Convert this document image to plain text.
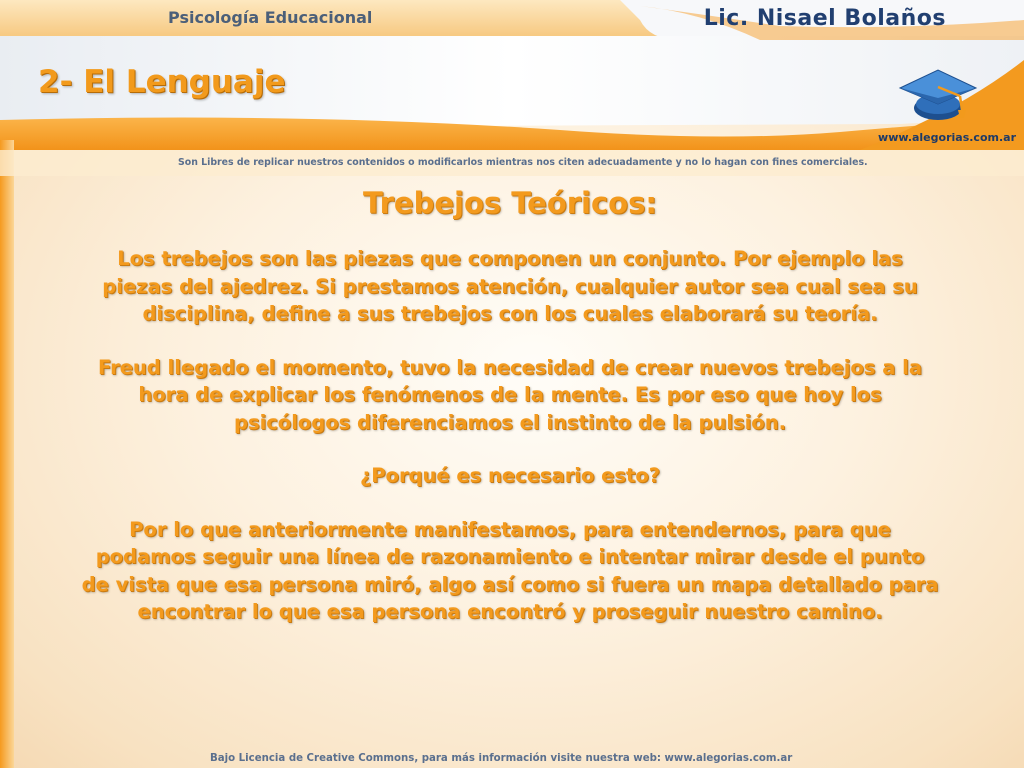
Psicología Educacional	Lic. Nisael Bolaños
2- El Lenguaje
www.alegorias.com.ar
Son Libres de replicar nuestros contenidos o modificarlos mientras nos citen adecuadamente y no lo hagan con fines comerciales.
Trebejos Teóricos:
Los trebejos son las piezas que componen un conjunto. Por ejemplo las piezas del ajedrez. Si prestamos atención, cualquier autor sea cual sea su disciplina, define a sus trebejos con los cuales elaborará su teoría.
Freud llegado el momento, tuvo la necesidad de crear nuevos trebejos a la hora de explicar los fenómenos de la mente. Es por eso que hoy los psicólogos diferenciamos el instinto de la pulsión.
¿Porqué es necesario esto?
Por lo que anteriormente manifestamos, para entendernos, para que podamos seguir una línea de razonamiento e intentar mirar desde el punto de vista que esa persona miró, algo así como si fuera un mapa detallado para encontrar lo que esa persona encontró y proseguir nuestro camino.
Bajo Licencia de Creative Commons, para más información visite nuestra web: www.alegorias.com.ar
